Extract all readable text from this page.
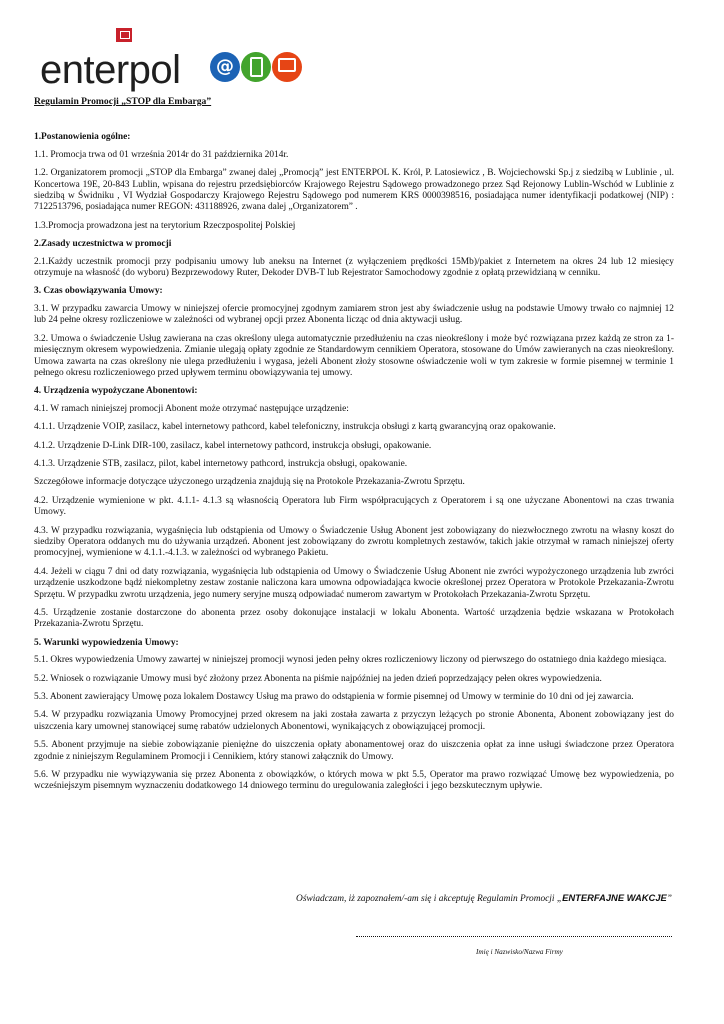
enterpol	@
Regulamin Promocji „STOP dla Embarga”
1.Postanowienia ogólne:

1.1. Promocja trwa od 01 września 2014r do 31 października 2014r.

1.2. Organizatorem promocji „STOP dla Embarga” zwanej dalej „Promocją” jest ENTERPOL K. Król, P. Latosiewicz , B. Wojciechowski Sp.j z siedzibą w Lublinie , ul. Koncertowa 19E, 20-843 Lublin, wpisana do rejestru przedsiębiorców Krajowego Rejestru Sądowego prowadzonego przez Sąd Rejonowy Lublin-Wschód w Lublinie z siedzibą w Świdniku , VI Wydział Gospodarczy Krajowego Rejestru Sądowego pod numerem KRS 0000398516, posiadająca numer identyfikacji podatkowej (NIP) : 7122513796, posiadająca numer REGON: 431188926, zwana dalej „Organizatorem” .

1.3.Promocja prowadzona jest na terytorium Rzeczpospolitej Polskiej

2.Zasady uczestnictwa w promocji

2.1.Każdy uczestnik promocji przy podpisaniu umowy lub aneksu na Internet (z wyłączeniem prędkości 15Mb)/pakiet z Internetem na okres 24 lub 12 miesięcy otrzymuje na własność (do wyboru) Bezprzewodowy Ruter, Dekoder DVB-T lub Rejestrator Samochodowy zgodnie z opłatą przewidzianą w cenniku.

3. Czas obowiązywania Umowy:

3.1. W przypadku zawarcia Umowy w niniejszej ofercie promocyjnej zgodnym zamiarem stron jest aby świadczenie usług na podstawie Umowy trwało co najmniej 12 lub 24 pełne okresy rozliczeniowe w zależności od wybranej opcji przez Abonenta licząc od dnia aktywacji usług.

3.2. Umowa o świadczenie Usług zawierana na czas określony ulega automatycznie przedłużeniu na czas nieokreślony i może być rozwiązana przez każdą ze stron za 1-miesięcznym okresem wypowiedzenia. Zmianie ulegają opłaty zgodnie ze Standardowym cennikiem Operatora, stosowane do Umów zawieranych na czas nieokreślony. Umowa zawarta na czas określony nie ulega przedłużeniu i wygasa, jeżeli Abonent złoży stosowne oświadczenie woli w tym zakresie w formie pisemnej w terminie 1 pełnego okresu rozliczeniowego przed upływem terminu obowiązywania tej umowy.

4. Urządzenia wypożyczane Abonentowi:

4.1. W ramach niniejszej promocji Abonent może otrzymać następujące urządzenie:

4.1.1. Urządzenie VOIP, zasilacz, kabel internetowy pathcord, kabel telefoniczny, instrukcja obsługi z kartą gwarancyjną oraz opakowanie.

4.1.2. Urządzenie D-Link DIR-100, zasilacz, kabel internetowy pathcord, instrukcja obsługi, opakowanie.

4.1.3. Urządzenie STB, zasilacz, pilot, kabel internetowy pathcord, instrukcja obsługi, opakowanie.

Szczegółowe informacje dotyczące użyczonego urządzenia znajdują się na Protokole Przekazania-Zwrotu Sprzętu.

4.2. Urządzenie wymienione w pkt. 4.1.1- 4.1.3 są własnością Operatora lub Firm współpracujących z Operatorem i są one użyczane Abonentowi na czas trwania Umowy.

4.3. W przypadku rozwiązania, wygaśnięcia lub odstąpienia od Umowy o Świadczenie Usług Abonent jest zobowiązany do niezwłocznego zwrotu na własny koszt do siedziby Operatora oddanych mu do używania urządzeń. Abonent jest zobowiązany do zwrotu kompletnych zestawów, takich jakie otrzymał w ramach niniejszej oferty promocyjnej, wymienione w 4.1.1.-4.1.3. w zależności od wybranego Pakietu.

4.4. Jeżeli w ciągu 7 dni od daty rozwiązania, wygaśnięcia lub odstąpienia od Umowy o Świadczenie Usług Abonent nie zwróci wypożyczonego urządzenia lub zwróci urządzenie uszkodzone bądź niekompletny zestaw zostanie naliczona kara umowna odpowiadająca kwocie określonej przez Operatora w Protokole Przekazania-Zwrotu Sprzętu. W przypadku zwrotu urządzenia, jego numery seryjne muszą odpowiadać numerom zawartym w Protokołach Przekazania-Zwrotu Sprzętu.

4.5. Urządzenie zostanie dostarczone do abonenta przez osoby dokonujące instalacji w lokalu Abonenta. Wartość urządzenia będzie wskazana w Protokołach Przekazania-Zwrotu Sprzętu.

5. Warunki wypowiedzenia Umowy:

5.1. Okres wypowiedzenia Umowy zawartej w niniejszej promocji wynosi jeden pełny okres rozliczeniowy liczony od pierwszego do ostatniego dnia każdego miesiąca.

5.2. Wniosek o rozwiązanie Umowy musi być złożony przez Abonenta na piśmie najpóźniej na jeden dzień poprzedzający pełen okres wypowiedzenia.

5.3. Abonent zawierający Umowę poza lokalem Dostawcy Usług ma prawo do odstąpienia w formie pisemnej od Umowy w terminie do 10 dni od jej zawarcia.

5.4. W przypadku rozwiązania Umowy Promocyjnej przed okresem na jaki została zawarta z przyczyn leżących po stronie Abonenta, Abonent zobowiązany jest do uiszczenia kary umownej stanowiącej sumę rabatów udzielonych Abonentowi, wynikających z obowiązującej promocji.

5.5. Abonent przyjmuje na siebie zobowiązanie pieniężne do uiszczenia opłaty abonamentowej oraz do uiszczenia opłat za inne usługi świadczone przez Operatora zgodnie z niniejszym Regulaminem Promocji i Cennikiem, który stanowi załącznik do Umowy.

5.6. W przypadku nie wywiązywania się przez Abonenta z obowiązków, o których mowa w pkt 5.5, Operator ma prawo rozwiązać Umowę bez wypowiedzenia, po wcześniejszym pisemnym wyznaczeniu dodatkowego 14 dniowego terminu do uregulowania zaległości i jego bezskutecznym upływie.

Oświadczam, iż zapoznałem/-am się i akceptuję Regulamin Promocji „ENTERFAJNE WAKCJE”
Imię i Nazwisko/Nazwa Firmy
